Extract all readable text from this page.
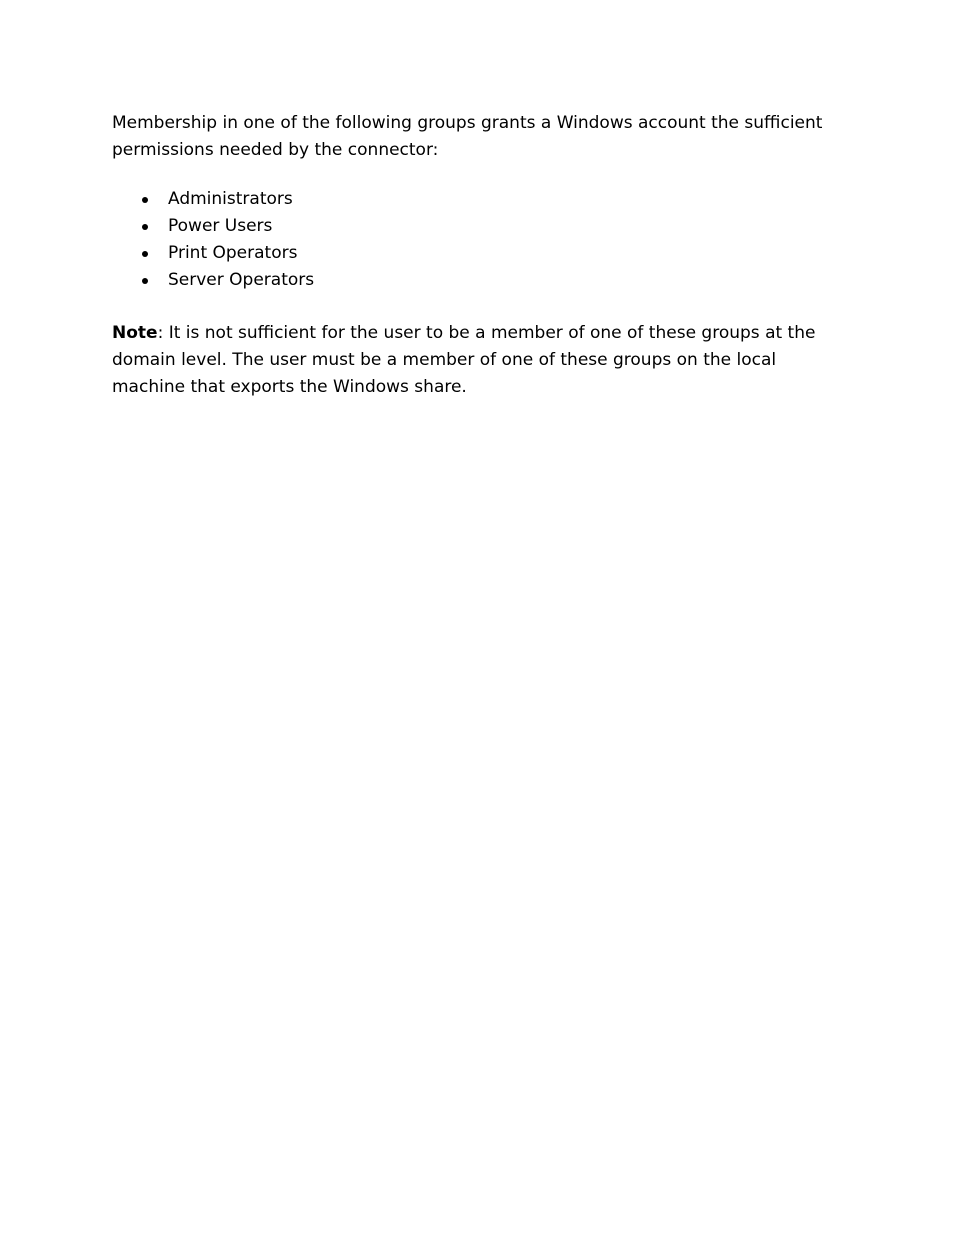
Membership in one of the following groups grants a Windows account the sufficient permissions needed by the connector:

Administrators
Power Users
Print Operators
Server Operators

Note: It is not sufficient for the user to be a member of one of these groups at the domain level. The user must be a member of one of these groups on the local machine that exports the Windows share.
